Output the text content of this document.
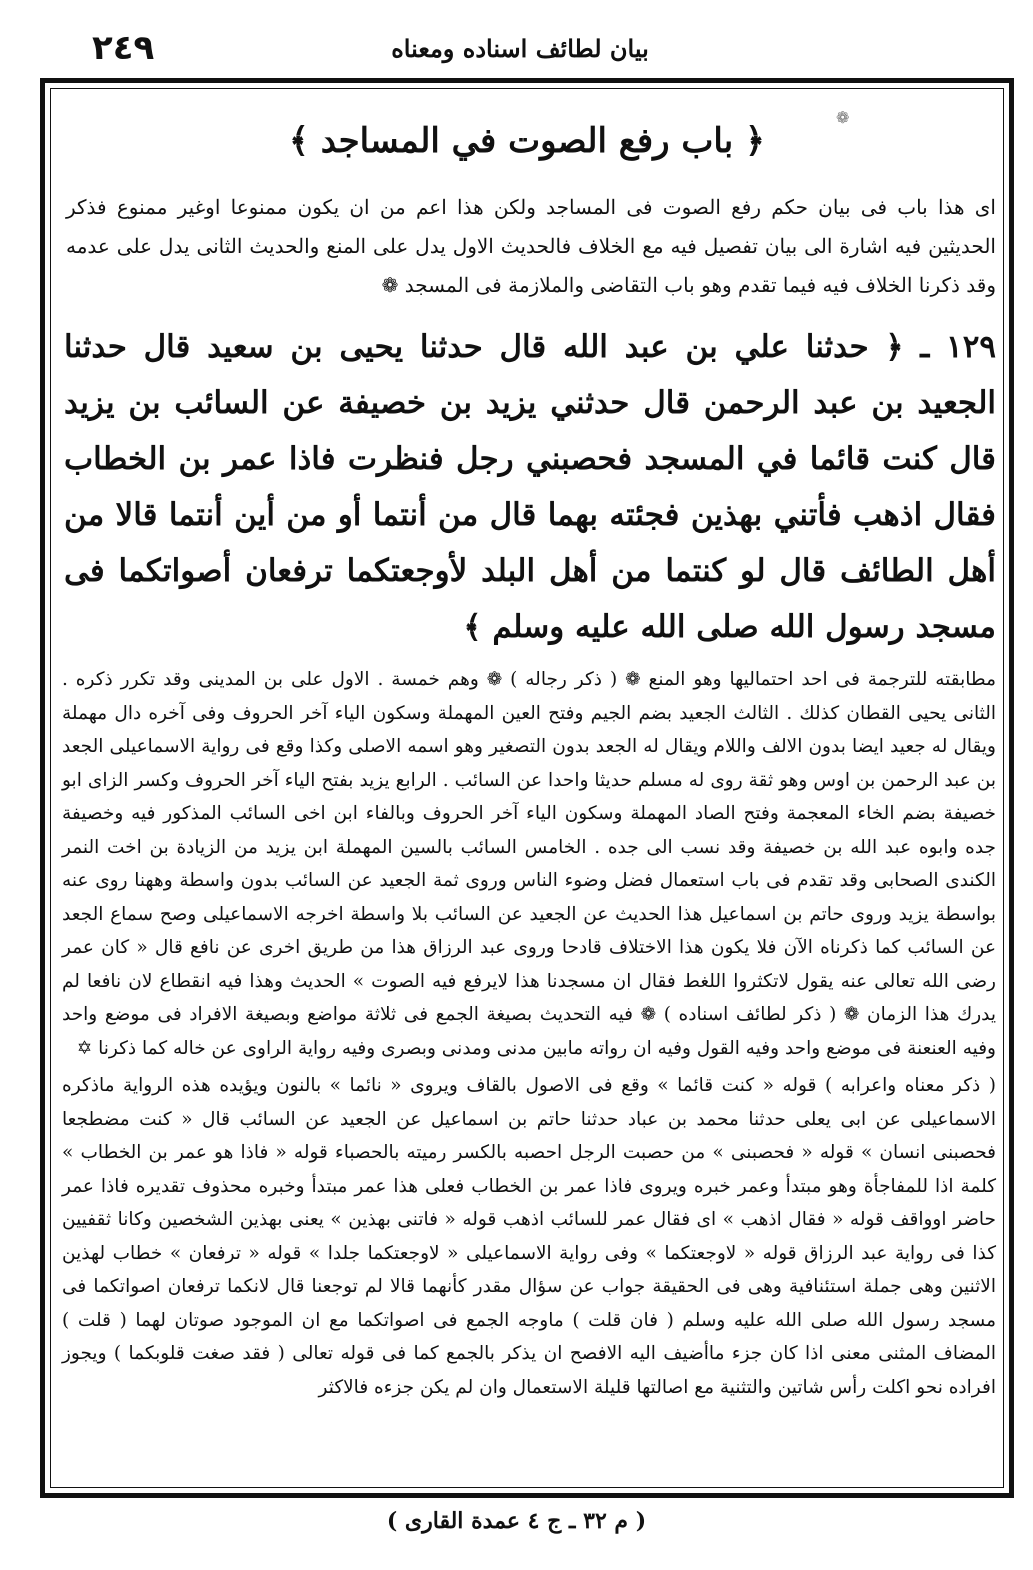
٢٤٩	بيان لطائف اسناده ومعناه
❁
﴿ باب رفع الصوت في المساجد ﴾
اى هذا باب فى بيان حكم رفع الصوت فى المساجد ولكن هذا اعم من ان يكون ممنوعا اوغير ممنوع فذكر الحديثين فيه اشارة الى بيان تفصيل فيه مع الخلاف فالحديث الاول يدل على المنع والحديث الثانى يدل على عدمه وقد ذكرنا الخلاف فيه فيما تقدم وهو باب التقاضى والملازمة فى المسجد ❁
١٢٩ ـ ﴿ حدثنا علي بن عبد الله قال حدثنا يحيى بن سعيد قال حدثنا الجعيد بن عبد الرحمن قال حدثني يزيد بن خصيفة عن السائب بن يزيد قال كنت قائما في المسجد فحصبني رجل فنظرت فاذا عمر بن الخطاب فقال اذهب فأتني بهذين فجئته بهما قال من أنتما أو من أين أنتما قالا من أهل الطائف قال لو كنتما من أهل البلد لأوجعتكما ترفعان أصواتكما فى مسجد رسول الله صلى الله عليه وسلم ﴾

مطابقته للترجمة فى احد احتماليها وهو المنع ❁ ( ذكر رجاله ) ❁ وهم خمسة . الاول على بن المدينى وقد تكرر ذكره . الثانى يحيى القطان كذلك . الثالث الجعيد بضم الجيم وفتح العين المهملة وسكون الياء آخر الحروف وفى آخره دال مهملة ويقال له جعيد ايضا بدون الالف واللام ويقال له الجعد بدون التصغير وهو اسمه الاصلى وكذا وقع فى رواية الاسماعيلى الجعد بن عبد الرحمن بن اوس وهو ثقة روى له مسلم حديثا واحدا عن السائب . الرابع يزيد بفتح الياء آخر الحروف وكسر الزاى ابو خصيفة بضم الخاء المعجمة وفتح الصاد المهملة وسكون الياء آخر الحروف وبالفاء ابن اخى السائب المذكور فيه وخصيفة جده وابوه عبد الله بن خصيفة وقد نسب الى جده . الخامس السائب بالسين المهملة ابن يزيد من الزيادة بن اخت النمر الكندى الصحابى وقد تقدم فى باب استعمال فضل وضوء الناس وروى ثمة الجعيد عن السائب بدون واسطة وههنا روى عنه بواسطة يزيد وروى حاتم بن اسماعيل هذا الحديث عن الجعيد عن السائب بلا واسطة اخرجه الاسماعيلى وصح سماع الجعد عن السائب كما ذكرناه الآن فلا يكون هذا الاختلاف قادحا وروى عبد الرزاق هذا من طريق اخرى عن نافع قال « كان عمر رضى الله تعالى عنه يقول لاتكثروا اللغط فقال ان مسجدنا هذا لايرفع فيه الصوت » الحديث وهذا فيه انقطاع لان نافعا لم يدرك هذا الزمان ❁ ( ذكر لطائف اسناده ) ❁ فيه التحديث بصيغة الجمع فى ثلاثة مواضع وبصيغة الافراد فى موضع واحد وفيه العنعنة فى موضع واحد وفيه القول وفيه ان رواته مابين مدنى ومدنى وبصرى وفيه رواية الراوى عن خاله كما ذكرنا ✡

( ذكر معناه واعرابه ) قوله « كنت قائما » وقع فى الاصول بالقاف ويروى « نائما » بالنون ويؤيده هذه الرواية ماذكره الاسماعيلى عن ابى يعلى حدثنا محمد بن عباد حدثنا حاتم بن اسماعيل عن الجعيد عن السائب قال « كنت مضطجعا فحصبنى انسان » قوله « فحصبنى » من حصبت الرجل احصبه بالكسر رميته بالحصباء قوله « فاذا هو عمر بن الخطاب » كلمة اذا للمفاجأة وهو مبتدأ وعمر خبره ويروى فاذا عمر بن الخطاب فعلى هذا عمر مبتدأ وخبره محذوف تقديره فاذا عمر حاضر اوواقف قوله « فقال اذهب » اى فقال عمر للسائب اذهب قوله « فاتنى بهذين » يعنى بهذين الشخصين وكانا ثقفيين كذا فى رواية عبد الرزاق قوله « لاوجعتكما » وفى رواية الاسماعيلى « لاوجعتكما جلدا » قوله « ترفعان » خطاب لهذين الاثنين وهى جملة استئنافية وهى فى الحقيقة جواب عن سؤال مقدر كأنهما قالا لم توجعنا قال لانكما ترفعان اصواتكما فى مسجد رسول الله صلى الله عليه وسلم ( فان قلت ) ماوجه الجمع فى اصواتكما مع ان الموجود صوتان لهما ( قلت ) المضاف المثنى معنى اذا كان جزء ماأضيف اليه الافصح ان يذكر بالجمع كما فى قوله تعالى ( فقد صغت قلوبكما ) ويجوز افراده نحو اكلت رأس شاتين والتثنية مع اصالتها قليلة الاستعمال وان لم يكن جزءه فالاكثر

( م ٣٢ ـ ج ٤ عمدة القارى )
